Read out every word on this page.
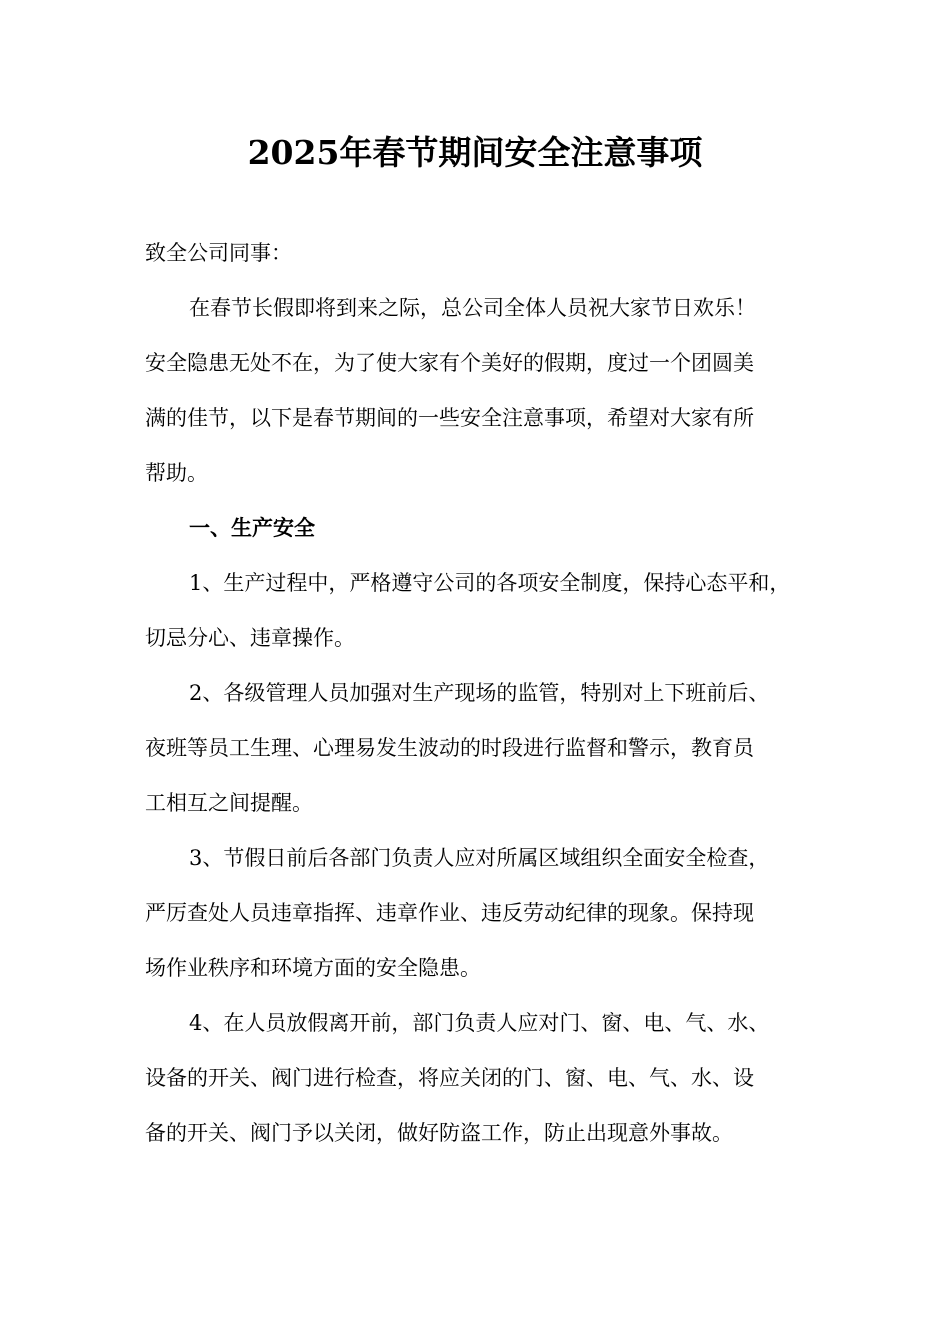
2025年春节期间安全注意事项
致全公司同事：
在春节长假即将到来之际，总公司全体人员祝大家节日欢乐！
安全隐患无处不在，为了使大家有个美好的假期，度过一个团圆美
满的佳节，以下是春节期间的一些安全注意事项，希望对大家有所
帮助。
一、生产安全
1、生产过程中，严格遵守公司的各项安全制度，保持心态平和，
切忌分心、违章操作。
2、各级管理人员加强对生产现场的监管，特别对上下班前后、
夜班等员工生理、心理易发生波动的时段进行监督和警示，教育员
工相互之间提醒。
3、节假日前后各部门负责人应对所属区域组织全面安全检查，
严厉查处人员违章指挥、违章作业、违反劳动纪律的现象。保持现
场作业秩序和环境方面的安全隐患。
4、在人员放假离开前，部门负责人应对门、窗、电、气、水、
设备的开关、阀门进行检查，将应关闭的门、窗、电、气、水、设
备的开关、阀门予以关闭，做好防盗工作，防止出现意外事故。
